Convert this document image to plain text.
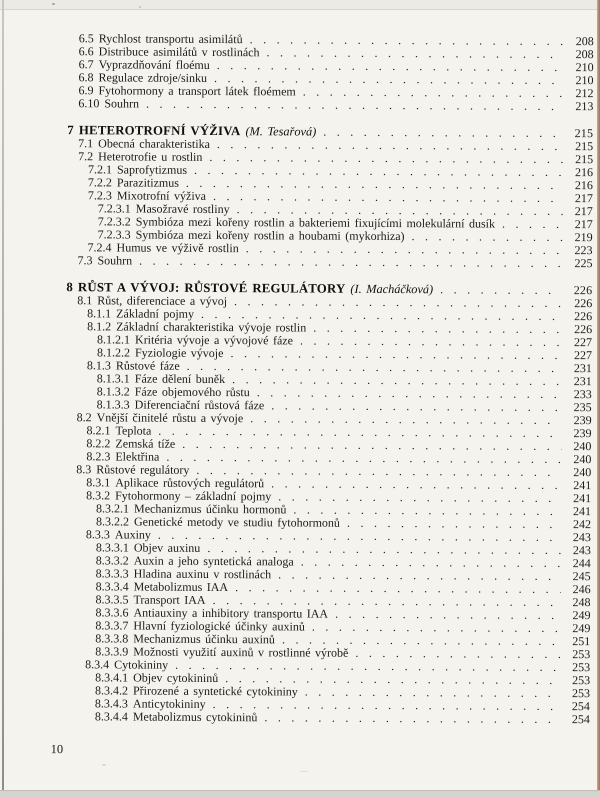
6.5 Rychlost transportu asimilátů . . .	208
6.6 Distribuce asimilátů v rostlinách . . .	208
6.7 Vyprazdňování floému . . .	210
6.8 Regulace zdroje/sinku . . .	210
6.9 Fytohormony a transport látek floémem . . .	212
6.10 Souhrn . . .	213
7 HETEROTROFNÍ VÝŽIVA (M. Tesařová) . . .	215
7.1 Obecná charakteristika . . .	215
7.2 Heterotrofie u rostlin . . .	215
7.2.1 Saprofytizmus . . .	216
7.2.2 Parazitizmus . . .	216
7.2.3 Mixotrofní výživa . . .	217
7.2.3.1 Masožravé rostliny . . .	217
7.2.3.2 Symbióza mezi kořeny rostlin a bakteriemi fixujícími molekulární dusík . . .	217
7.2.3.3 Symbióza mezi kořeny rostlin a houbami (mykorhiza) . . .	219
7.2.4 Humus ve výživě rostlin . . .	223
7.3 Souhrn . . .	225
8 RŮST A VÝVOJ: RŮSTOVÉ REGULÁTORY (I. Macháčková) . . .	226
8.1 Růst, diferenciace a vývoj . . .	226
8.1.1 Základní pojmy . . .	226
8.1.2 Základní charakteristika vývoje rostlin . . .	226
8.1.2.1 Kritéria vývoje a vývojové fáze . . .	227
8.1.2.2 Fyziologie vývoje . . .	227
8.1.3 Růstové fáze . . .	231
8.1.3.1 Fáze dělení buněk . . .	231
8.1.3.2 Fáze objemového růstu . . .	233
8.1.3.3 Diferenciační růstová fáze . . .	235
8.2 Vnější činitelé růstu a vývoje . . .	239
8.2.1 Teplota . . .	239
8.2.2 Zemská tíže . . .	240
8.2.3 Elektřina . . .	240
8.3 Růstové regulátory . . .	240
8.3.1 Aplikace růstových regulátorů . . .	241
8.3.2 Fytohormony – základní pojmy . . .	241
8.3.2.1 Mechanizmus účinku hormonů . . .	241
8.3.2.2 Genetické metody ve studiu fytohormonů . . .	242
8.3.3 Auxiny . . .	243
8.3.3.1 Objev auxinu . . .	243
8.3.3.2 Auxin a jeho syntetická analoga . . .	244
8.3.3.3 Hladina auxinu v rostlinách . . .	245
8.3.3.4 Metabolizmus IAA . . .	246
8.3.3.5 Transport IAA . . .	248
8.3.3.6 Antiauxiny a inhibitory transportu IAA . . .	249
8.3.3.7 Hlavní fyziologické účinky auxinů . . .	249
8.3.3.8 Mechanizmus účinku auxinů . . .	251
8.3.3.9 Možnosti využití auxinů v rostlinné výrobě . . .	253
8.3.4 Cytokininy . . .	253
8.3.4.1 Objev cytokininů . . .	253
8.3.4.2 Přirozené a syntetické cytokininy . . .	253
8.3.4.3 Anticytokininy . . .	254
8.3.4.4 Metabolizmus cytokininů . . .	254
10
